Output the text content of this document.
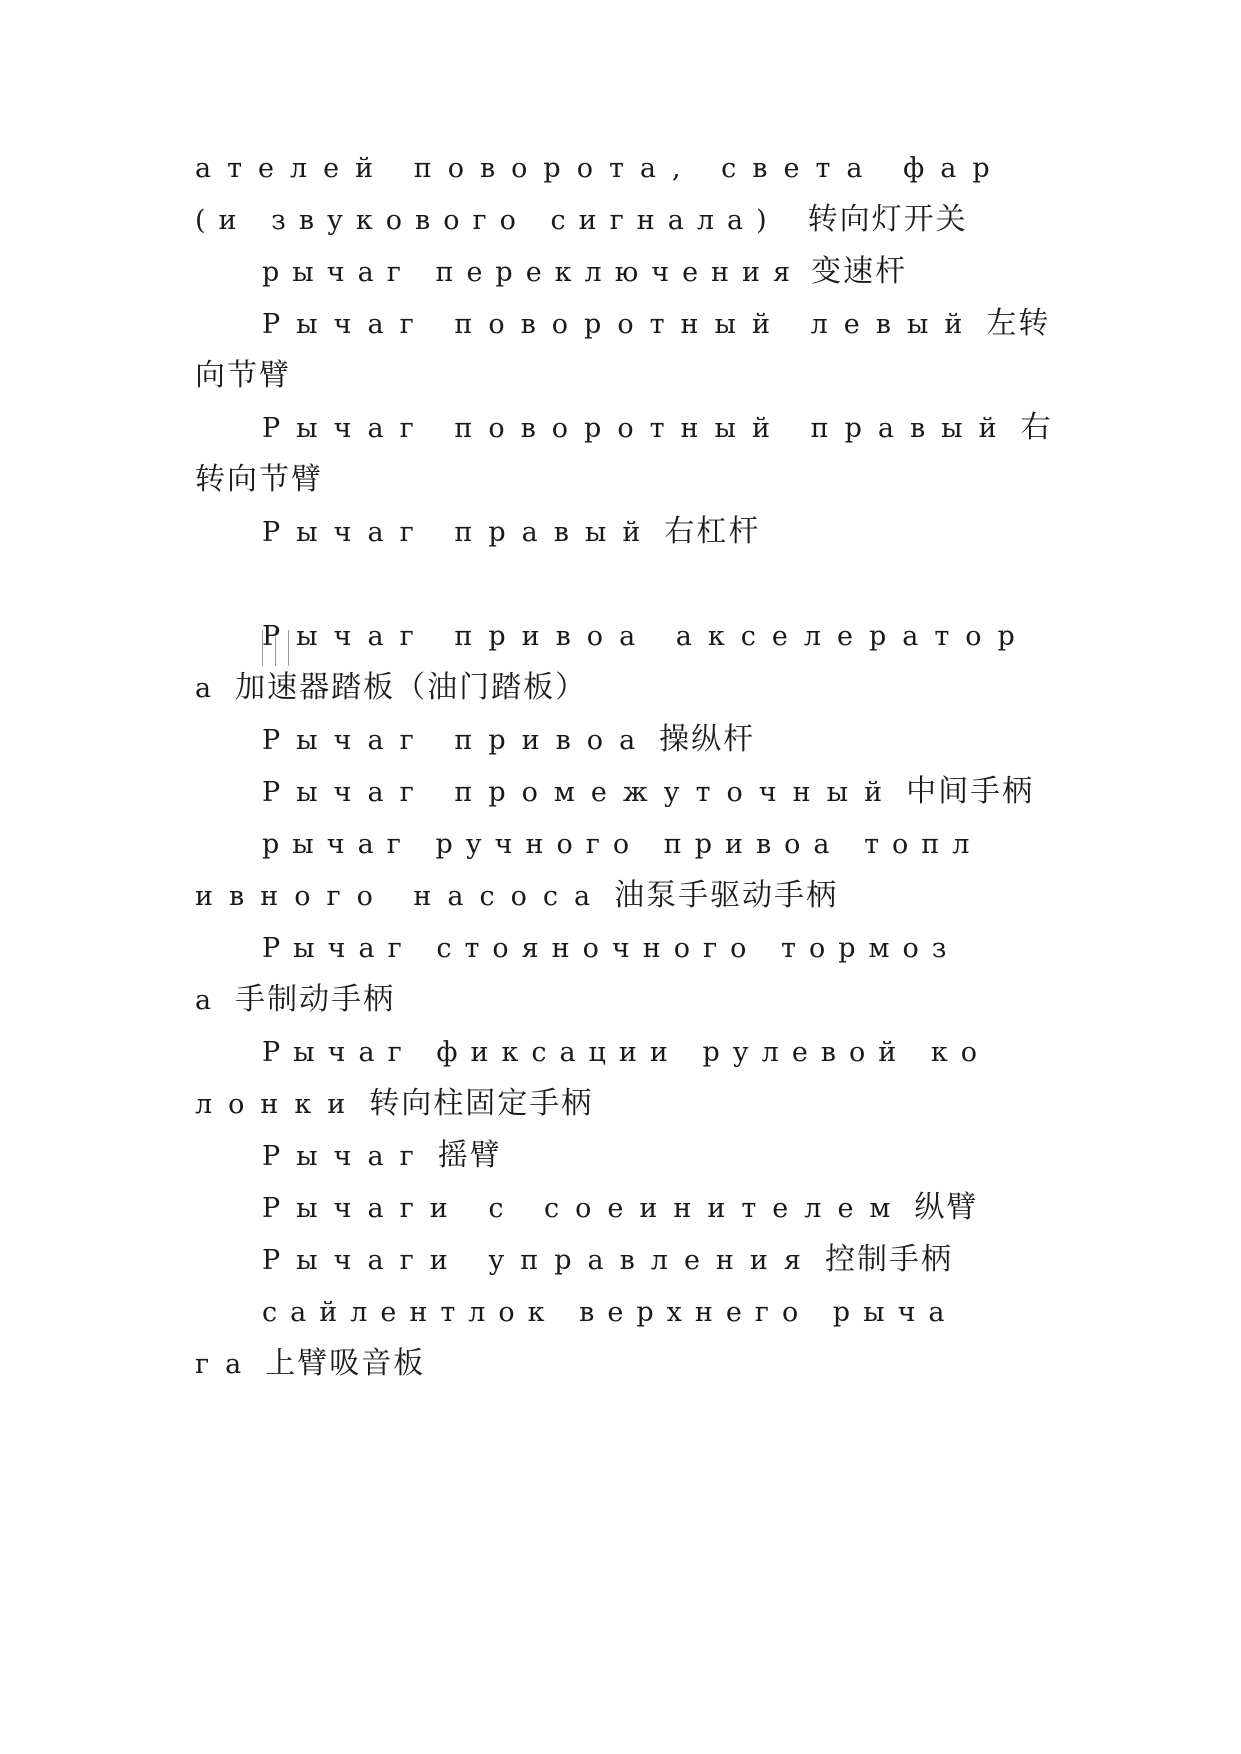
ателей поворота, света фар
(и звукового сигнала) 转向灯开关
рычаг переключения 变速杆
Рычаг поворотный левый 左转
向节臂
Рычаг поворотный правый 右
转向节臂
Рычаг правый 右杠杆
Рычаг привоа акселератор
а 加速器踏板（油门踏板）
Рычаг привоа 操纵杆
Рычаг промежуточный 中间手柄
рычаг ручного привоа топл
ивного насоса 油泵手驱动手柄
Рычаг стояночного тормоз
а 手制动手柄
Рычаг фиксации рулевой ко
лонки 转向柱固定手柄
Рычаг 摇臂
Рычаги с соеинителем 纵臂
Рычаги управления 控制手柄
сайлентлок верхнего рыча
га 上臂吸音板
